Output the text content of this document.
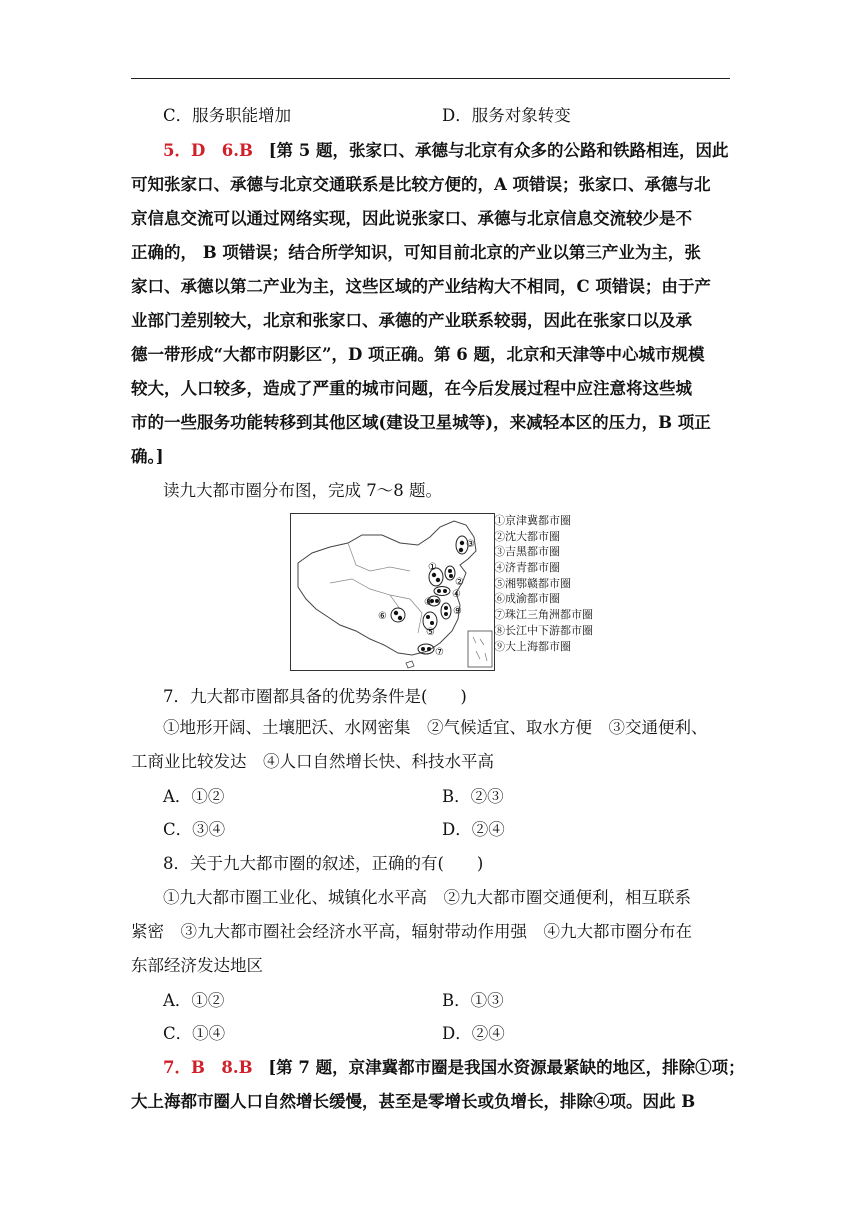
C．服务职能增加	D．服务对象转变
5．D　6.B [第 5 题，张家口、承德与北京有众多的公路和铁路相连，因此
可知张家口、承德与北京交通联系是比较方便的，A 项错误；张家口、承德与北
京信息交流可以通过网络实现，因此说张家口、承德与北京信息交流较少是不
正确的， B 项错误；结合所学知识，可知目前北京的产业以第三产业为主，张
家口、承德以第二产业为主，这些区域的产业结构大不相同，C 项错误；由于产
业部门差别较大，北京和张家口、承德的产业联系较弱，因此在张家口以及承
德一带形成“大都市阴影区”，D 项正确。第 6 题，北京和天津等中心城市规模
较大，人口较多，造成了严重的城市问题，在今后发展过程中应注意将这些城
市的一些服务功能转移到其他区域(建设卫星城等)，来减轻本区的压力，B 项正
确。]
读九大都市圈分布图，完成 7～8 题。
③
①
②
④
⑧
⑨
⑤
⑥
⑦
①京津冀都市圈
②沈大都市圈
③吉黑都市圈
④济青都市圈
⑤湘鄂赣都市圈
⑥成渝都市圈
⑦珠江三角洲都市圈
⑧长江中下游都市圈
⑨大上海都市圈
7．九大都市圈都具备的优势条件是(　　)
①地形开阔、土壤肥沃、水网密集　②气候适宜、取水方便　③交通便利、
工商业比较发达　④人口自然增长快、科技水平高
A．①②	B．②③
C．③④	D．②④
8．关于九大都市圈的叙述，正确的有(　　)
①九大都市圈工业化、城镇化水平高　②九大都市圈交通便利，相互联系
紧密　③九大都市圈社会经济水平高，辐射带动作用强　④九大都市圈分布在
东部经济发达地区
A．①②	B．①③
C．①④	D．②④
7．B　8.B [第 7 题，京津冀都市圈是我国水资源最紧缺的地区，排除①项；
大上海都市圈人口自然增长缓慢，甚至是零增长或负增长，排除④项。因此 B
